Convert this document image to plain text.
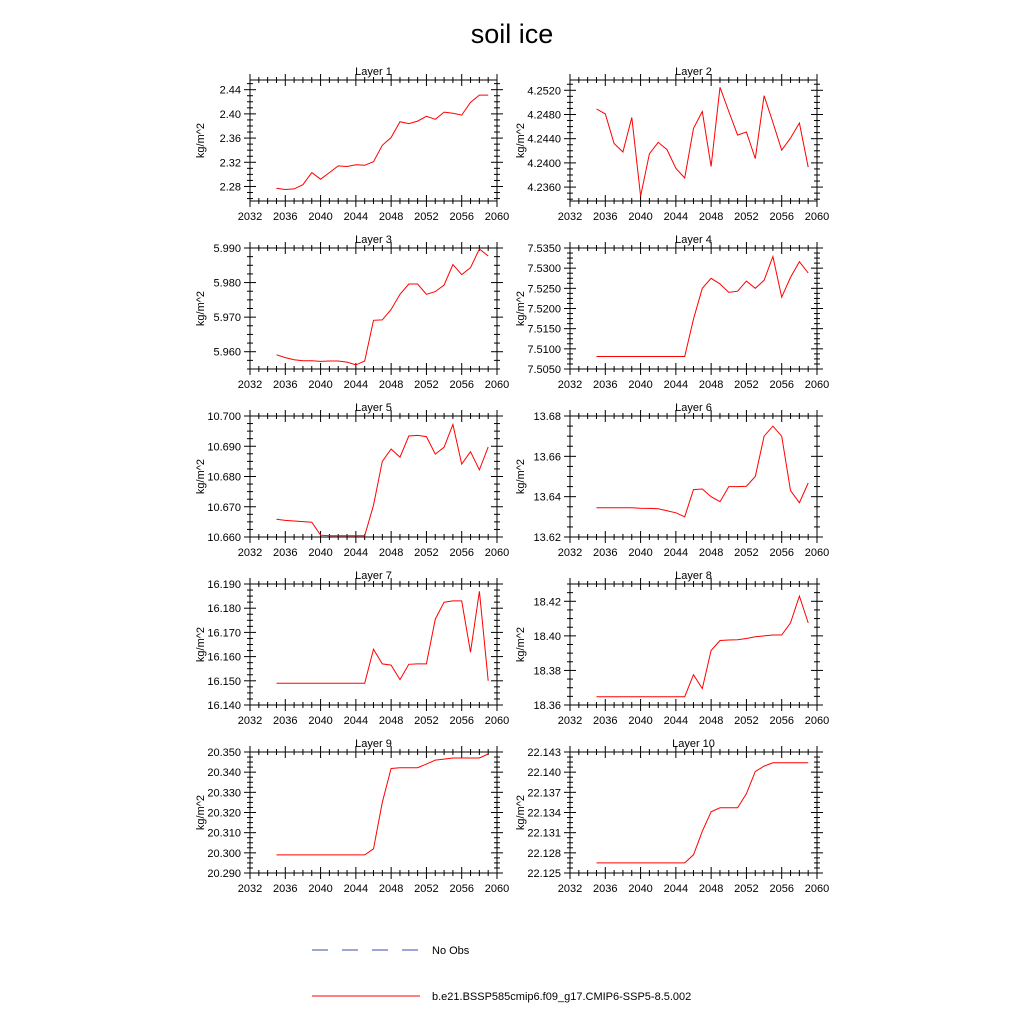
soil ice
Layer 1
kg/m^2
2032 2036 2040 2044 2048 2052 2056 2060
2.28
2.32
2.36
2.40
2.44
Layer 2
kg/m^2
2032 2036 2040 2044 2048 2052 2056 2060
4.2360
4.2400
4.2440
4.2480
4.2520
Layer 3
kg/m^2
2032 2036 2040 2044 2048 2052 2056 2060
5.960
5.970
5.980
5.990
Layer 4
kg/m^2
2032 2036 2040 2044 2048 2052 2056 2060
7.5050
7.5100
7.5150
7.5200
7.5250
7.5300
7.5350
Layer 5
kg/m^2
2032 2036 2040 2044 2048 2052 2056 2060
10.660
10.670
10.680
10.690
10.700
Layer 6
kg/m^2
2032 2036 2040 2044 2048 2052 2056 2060
13.62
13.64
13.66
13.68
Layer 7
kg/m^2
2032 2036 2040 2044 2048 2052 2056 2060
16.140
16.150
16.160
16.170
16.180
16.190
Layer 8
kg/m^2
2032 2036 2040 2044 2048 2052 2056 2060
18.36
18.38
18.40
18.42
Layer 9
kg/m^2
2032 2036 2040 2044 2048 2052 2056 2060
20.290
20.300
20.310
20.320
20.330
20.340
20.350
Layer 10
kg/m^2
2032 2036 2040 2044 2048 2052 2056 2060
22.125
22.128
22.131
22.134
22.137
22.140
22.143
No Obs
b.e21.BSSP585cmip6.f09_g17.CMIP6-SSP5-8.5.002
